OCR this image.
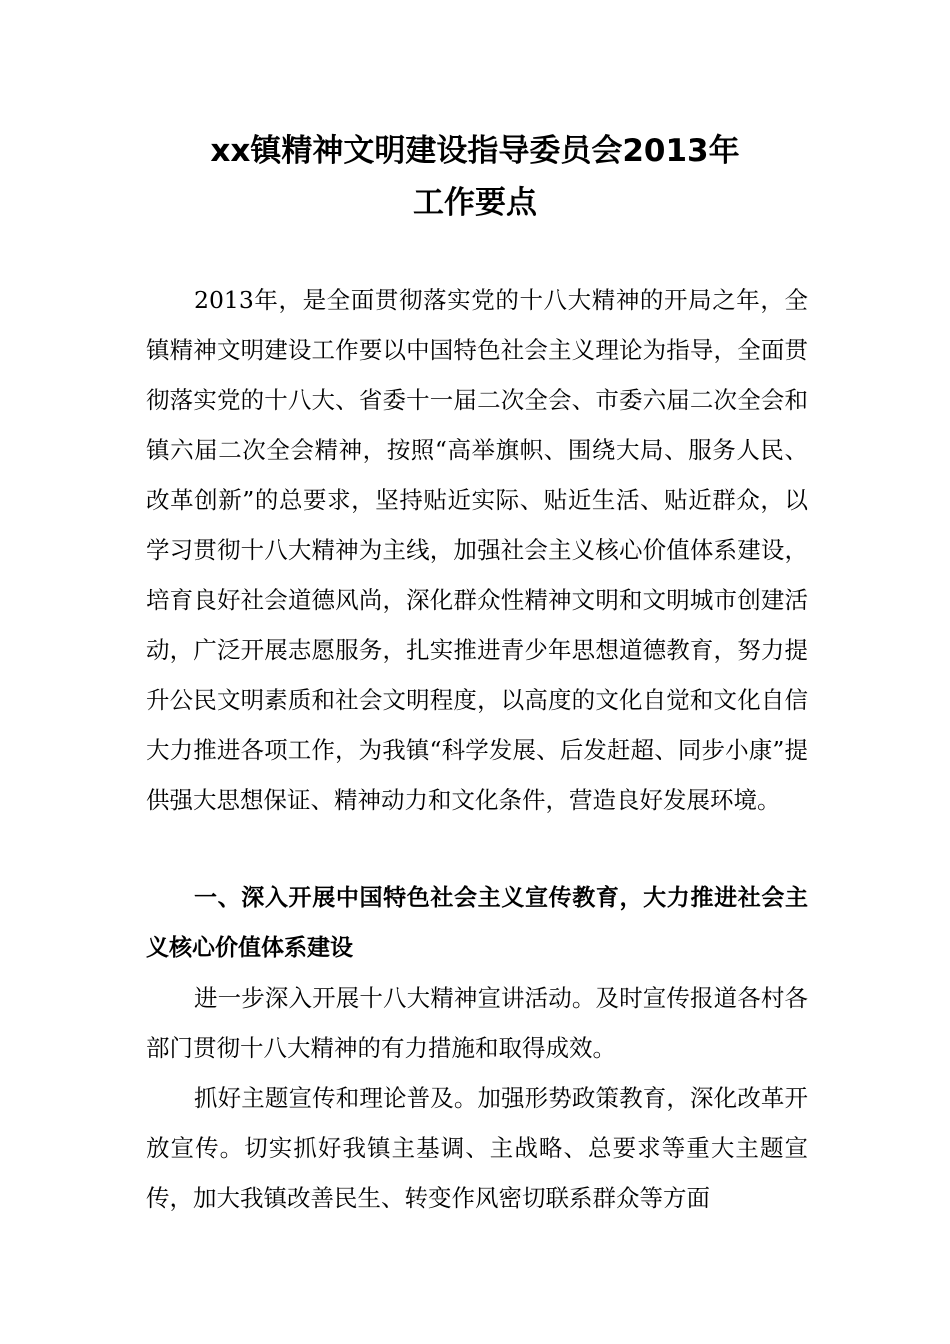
xx镇精神文明建设指导委员会2013年
工作要点

2013年，是全面贯彻落实党的十八大精神的开局之年，全镇精神文明建设工作要以中国特色社会主义理论为指导，全面贯彻落实党的十八大、省委十一届二次全会、市委六届二次全会和镇六届二次全会精神，按照“高举旗帜、围绕大局、服务人民、改革创新”的总要求，坚持贴近实际、贴近生活、贴近群众，以学习贯彻十八大精神为主线，加强社会主义核心价值体系建设，培育良好社会道德风尚，深化群众性精神文明和文明城市创建活动，广泛开展志愿服务，扎实推进青少年思想道德教育，努力提升公民文明素质和社会文明程度，以高度的文化自觉和文化自信大力推进各项工作，为我镇“科学发展、后发赶超、同步小康”提供强大思想保证、精神动力和文化条件，营造良好发展环境。

一、深入开展中国特色社会主义宣传教育，大力推进社会主义核心价值体系建设

进一步深入开展十八大精神宣讲活动。及时宣传报道各村各部门贯彻十八大精神的有力措施和取得成效。

抓好主题宣传和理论普及。加强形势政策教育，深化改革开放宣传。切实抓好我镇主基调、主战略、总要求等重大主题宣传，加大我镇改善民生、转变作风密切联系群众等方面
